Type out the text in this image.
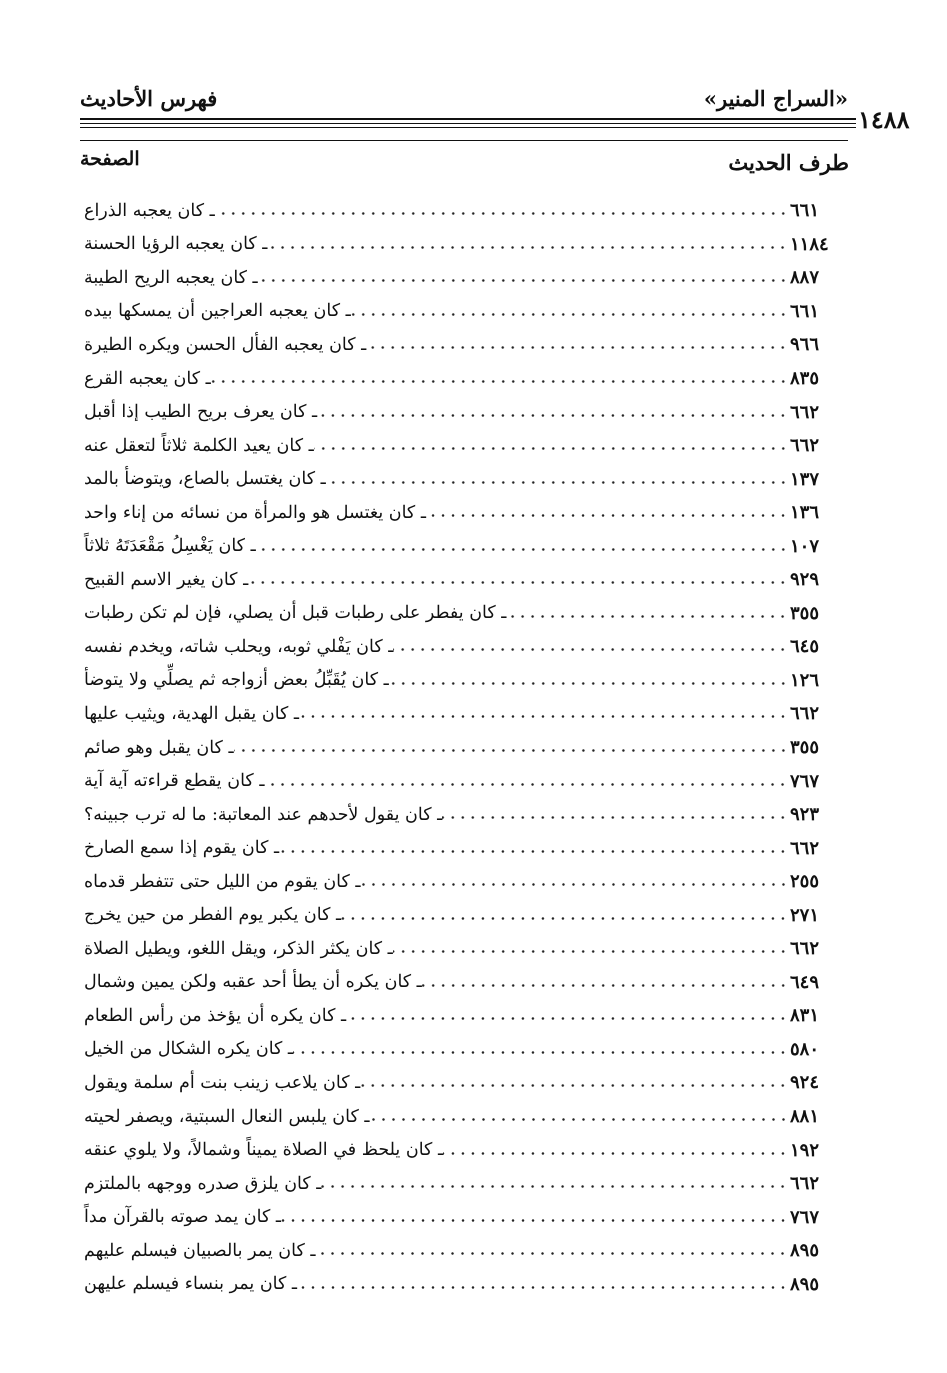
«السراج المنير»
فهرس الأحاديث
١٤٨٨
طرف الحديث
الصفحة
ـ كان يعجبه الذراع	٦٦١
ـ كان يعجبه الرؤيا الحسنة	١١٨٤
ـ كان يعجبه الريح الطيبة	٨٨٧
ـ كان يعجبه العراجين أن يمسكها بيده	٦٦١
ـ كان يعجبه الفأل الحسن ويكره الطيرة	٩٦٦
ـ كان يعجبه القرع	٨٣٥
ـ كان يعرف بريح الطيب إذا أقبل	٦٦٢
ـ كان يعيد الكلمة ثلاثاً لتعقل عنه	٦٦٢
ـ كان يغتسل بالصاع، ويتوضأ بالمد	١٣٧
ـ كان يغتسل هو والمرأة من نسائه من إناء واحد	١٣٦
ـ كان يَغْسِلُ مَقْعَدَتَهُ ثلاثاً	١٠٧
ـ كان يغير الاسم القبيح	٩٢٩
ـ كان يفطر على رطبات قبل أن يصلي، فإن لم تكن رطبات	٣٥٥
ـ كان يَفْلي ثوبه، ويحلب شاته، ويخدم نفسه	٦٤٥
ـ كان يُقَبِّلُ بعض أزواجه ثم يصلِّي ولا يتوضأ	١٢٦
ـ كان يقبل الهدية، ويثيب عليها	٦٦٢
ـ كان يقبل وهو صائم	٣٥٥
ـ كان يقطع قراءته آية آية	٧٦٧
ـ كان يقول لأحدهم عند المعاتبة: ما له ترب جبينه؟	٩٢٣
ـ كان يقوم إذا سمع الصارخ	٦٦٢
ـ كان يقوم من الليل حتى تتفطر قدماه	٢٥٥
ـ كان يكبر يوم الفطر من حين يخرج	٢٧١
ـ كان يكثر الذكر، ويقل اللغو، ويطيل الصلاة	٦٦٢
ـ كان يكره أن يطأ أحد عقبه ولكن يمين وشمال	٦٤٩
ـ كان يكره أن يؤخذ من رأس الطعام	٨٣١
ـ كان يكره الشكال من الخيل	٥٨٠
ـ كان يلاعب زينب بنت أم سلمة ويقول	٩٢٤
ـ كان يلبس النعال السبتية، ويصفر لحيته	٨٨١
ـ كان يلحظ في الصلاة يميناً وشمالاً، ولا يلوي عنقه	١٩٢
ـ كان يلزق صدره ووجهه بالملتزم	٦٦٢
ـ كان يمد صوته بالقرآن مداً	٧٦٧
ـ كان يمر بالصبيان فيسلم عليهم	٨٩٥
ـ كان يمر بنساء فيسلم عليهن	٨٩٥
